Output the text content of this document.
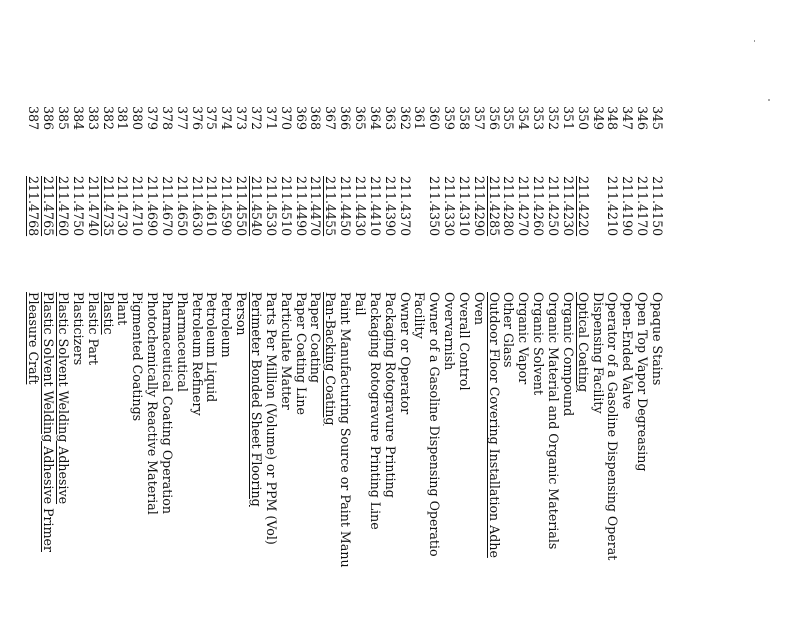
345
211.4150
Opaque Stains
346
211.4170
Open Top Vapor Degreasing
347
211.4190
Open-Ended Valve
348
211.4210
Operator of a Gasoline Dispensing Operat
349
Dispensing Facility
350
211.4220
Optical Coating
351
211.4230
Organic Compound
352
211.4250
Organic Material and Organic Materials
353
211.4260
Organic Solvent
354
211.4270
Organic Vapor
355
211.4280
Other Glass
356
211.4285
Outdoor Floor Covering Installation Adhe
357
211.4290
Oven
358
211.4310
Overall Control
359
211.4330
Overvarnish
360
211.4350
Owner of a Gasoline Dispensing Operatio
361
Facility
362
211.4370
Owner or Operator
363
211.4390
Packaging Rotogravure Printing
364
211.4410
Packaging Rotogravure Printing Line
365
211.4430
Pail
366
211.4450
Paint Manufacturing Source or Paint Manu
367
211.4455
Pan-Backing Coating
368
211.4470
Paper Coating
369
211.4490
Paper Coating Line
370
211.4510
Particulate Matter
371
211.4530
Parts Per Million (Volume) or PPM (Vol)
372
211.4540
Perimeter Bonded Sheet Flooring
373
211.4550
Person
374
211.4590
Petroleum
375
211.4610
Petroleum Liquid
376
211.4630
Petroleum Refinery
377
211.4650
Pharmaceutical
378
211.4670
Pharmaceutical Coating Operation
379
211.4690
Photochemically Reactive Material
380
211.4710
Pigmented Coatings
381
211.4730
Plant
382
211.4735
Plastic
383
211.4740
Plastic Part
384
211.4750
Plasticizers
385
211.4760
Plastic Solvent Welding Adhesive
386
211.4765
Plastic Solvent Welding Adhesive Primer
387
211.4768
Pleasure Craft
